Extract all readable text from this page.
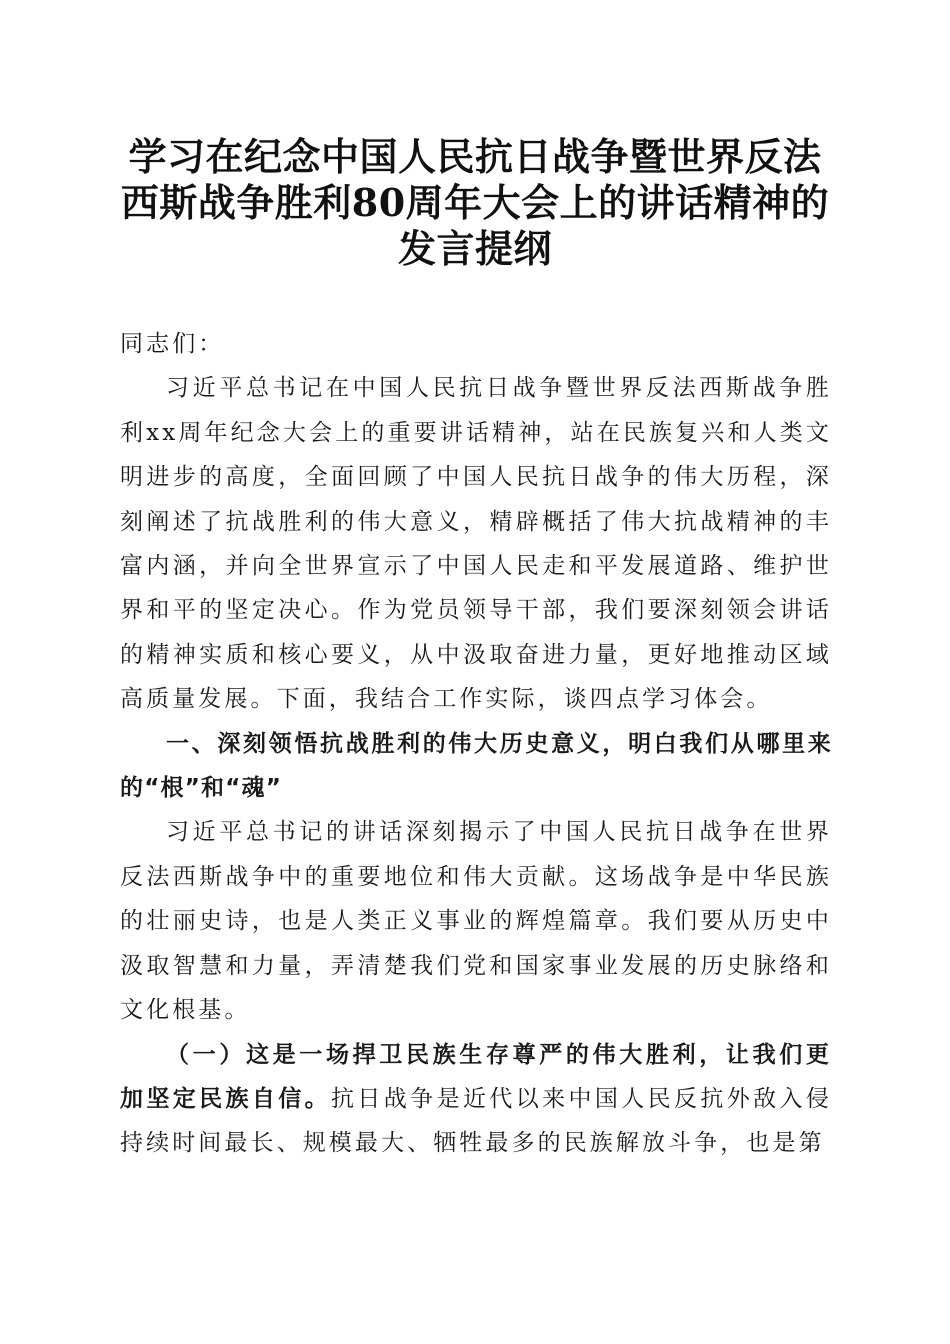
学习在纪念中国人民抗日战争暨世界反法西斯战争胜利80周年大会上的讲话精神的发言提纲

同志们：

习近平总书记在中国人民抗日战争暨世界反法西斯战争胜利xx周年纪念大会上的重要讲话精神，站在民族复兴和人类文明进步的高度，全面回顾了中国人民抗日战争的伟大历程，深刻阐述了抗战胜利的伟大意义，精辟概括了伟大抗战精神的丰富内涵，并向全世界宣示了中国人民走和平发展道路、维护世界和平的坚定决心。作为党员领导干部，我们要深刻领会讲话的精神实质和核心要义，从中汲取奋进力量，更好地推动区域高质量发展。下面，我结合工作实际，谈四点学习体会。

一、深刻领悟抗战胜利的伟大历史意义，明白我们从哪里来的“根”和“魂”

习近平总书记的讲话深刻揭示了中国人民抗日战争在世界反法西斯战争中的重要地位和伟大贡献。这场战争是中华民族的壮丽史诗，也是人类正义事业的辉煌篇章。我们要从历史中汲取智慧和力量，弄清楚我们党和国家事业发展的历史脉络和文化根基。

（一）这是一场捍卫民族生存尊严的伟大胜利，让我们更加坚定民族自信。抗日战争是近代以来中国人民反抗外敌入侵持续时间最长、规模最大、牺牲最多的民族解放斗争，也是第
